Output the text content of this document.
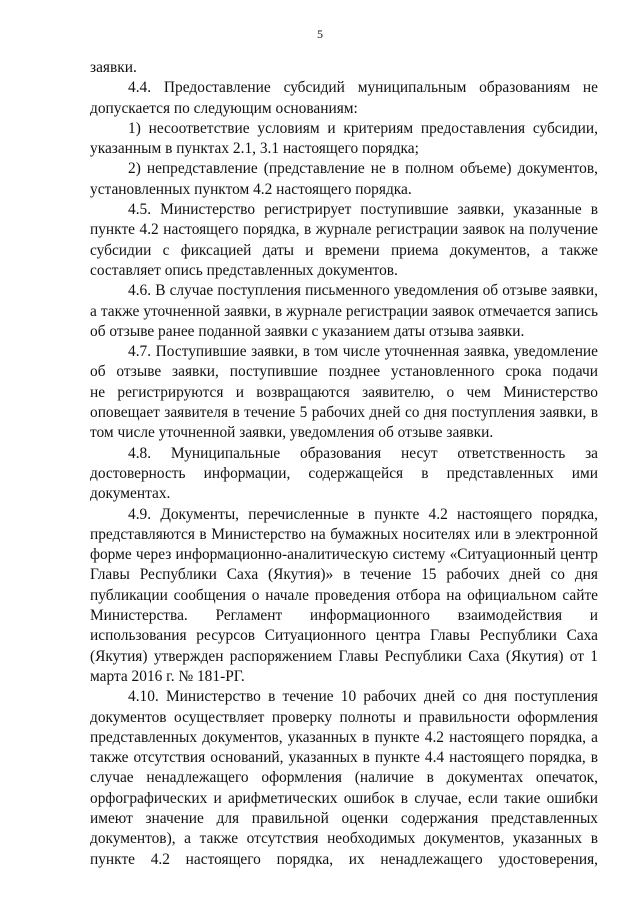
5
заявки.
4.4. Предоставление субсидий муниципальным образованиям не
допускается по следующим основаниям:
1) несоответствие условиям и критериям предоставления субсидии,
указанным в пунктах 2.1, 3.1 настоящего порядка;
2) непредставление (представление не в полном объеме) документов,
установленных пунктом 4.2 настоящего порядка.
4.5. Министерство регистрирует поступившие заявки, указанные в
пункте 4.2 настоящего порядка, в журнале регистрации заявок на получение
субсидии с фиксацией даты и времени приема документов, а также
составляет опись представленных документов.
4.6. В случае поступления письменного уведомления об отзыве заявки,
а также уточненной заявки, в журнале регистрации заявок отмечается запись
об отзыве ранее поданной заявки с указанием даты отзыва заявки.
4.7. Поступившие заявки, в том числе уточненная заявка, уведомление
об отзыве заявки, поступившие позднее установленного срока подачи
не регистрируются и возвращаются заявителю, о чем Министерство
оповещает заявителя в течение 5 рабочих дней со дня поступления заявки, в
том числе уточненной заявки, уведомления об отзыве заявки.
4.8. Муниципальные образования несут ответственность за
достоверность информации, содержащейся в представленных ими
документах.
4.9. Документы, перечисленные в пункте 4.2 настоящего порядка,
представляются в Министерство на бумажных носителях или в электронной
форме через информационно-аналитическую систему «Ситуационный центр
Главы Республики Саха (Якутия)» в течение 15 рабочих дней со дня
публикации сообщения о начале проведения отбора на официальном сайте
Министерства. Регламент информационного взаимодействия и
использования ресурсов Ситуационного центра Главы Республики Саха
(Якутия) утвержден распоряжением Главы Республики Саха (Якутия) от 1
марта 2016 г. № 181-РГ.
4.10. Министерство в течение 10 рабочих дней со дня поступления
документов осуществляет проверку полноты и правильности оформления
представленных документов, указанных в пункте 4.2 настоящего порядка, а
также отсутствия оснований, указанных в пункте 4.4 настоящего порядка, в
случае ненадлежащего оформления (наличие в документах опечаток,
орфографических и арифметических ошибок в случае, если такие ошибки
имеют значение для правильной оценки содержания представленных
документов), а также отсутствия необходимых документов, указанных в
пункте 4.2 настоящего порядка, их ненадлежащего удостоверения,
